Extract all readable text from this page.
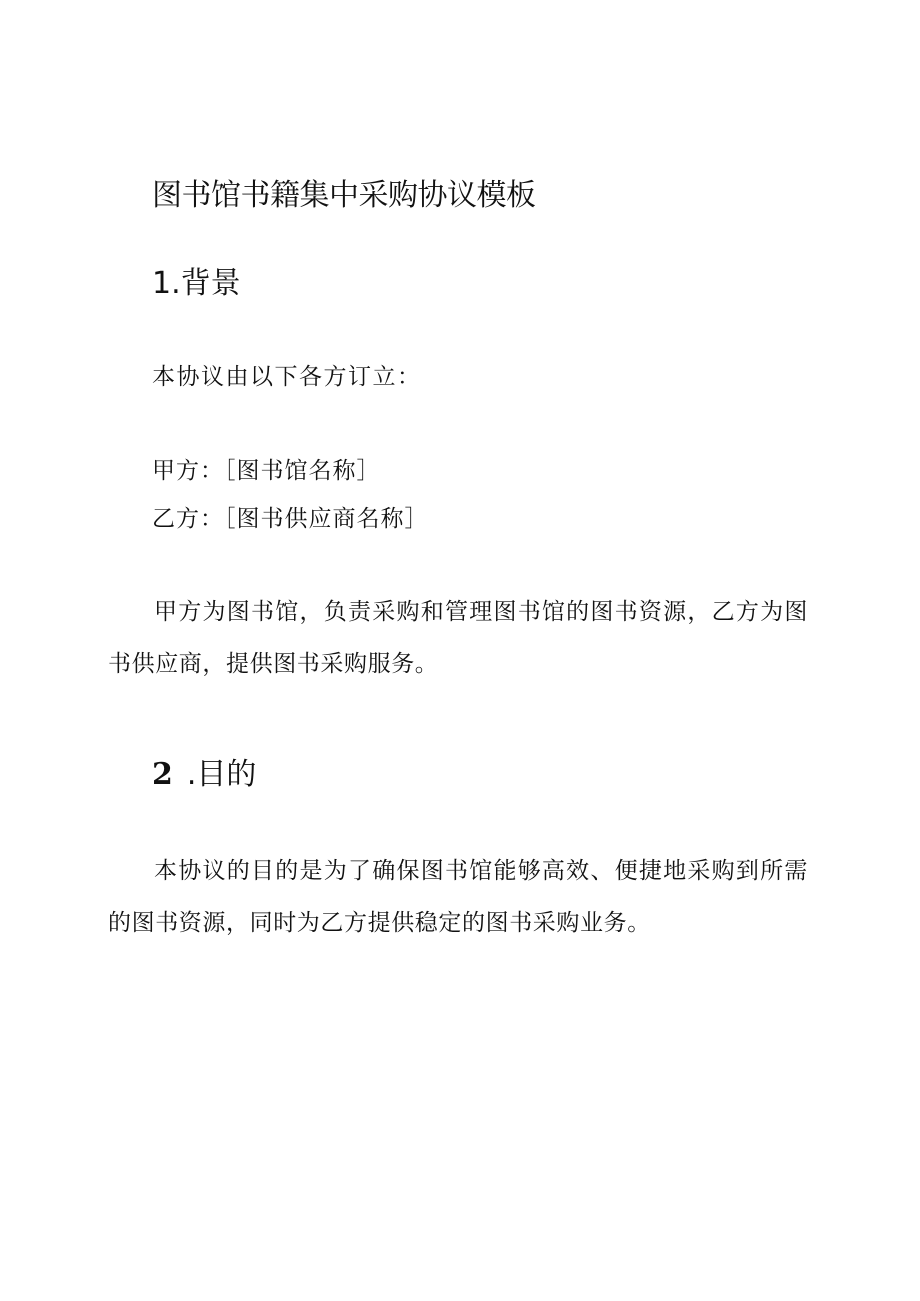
图书馆书籍集中采购协议模板
1.背景
本协议由以下各方订立：
甲方：［图书馆名称］
乙方：［图书供应商名称］
甲方为图书馆，负责采购和管理图书馆的图书资源，乙方为图书供应商，提供图书采购服务。
2 .目的
本协议的目的是为了确保图书馆能够高效、便捷地采购到所需的图书资源，同时为乙方提供稳定的图书采购业务。
